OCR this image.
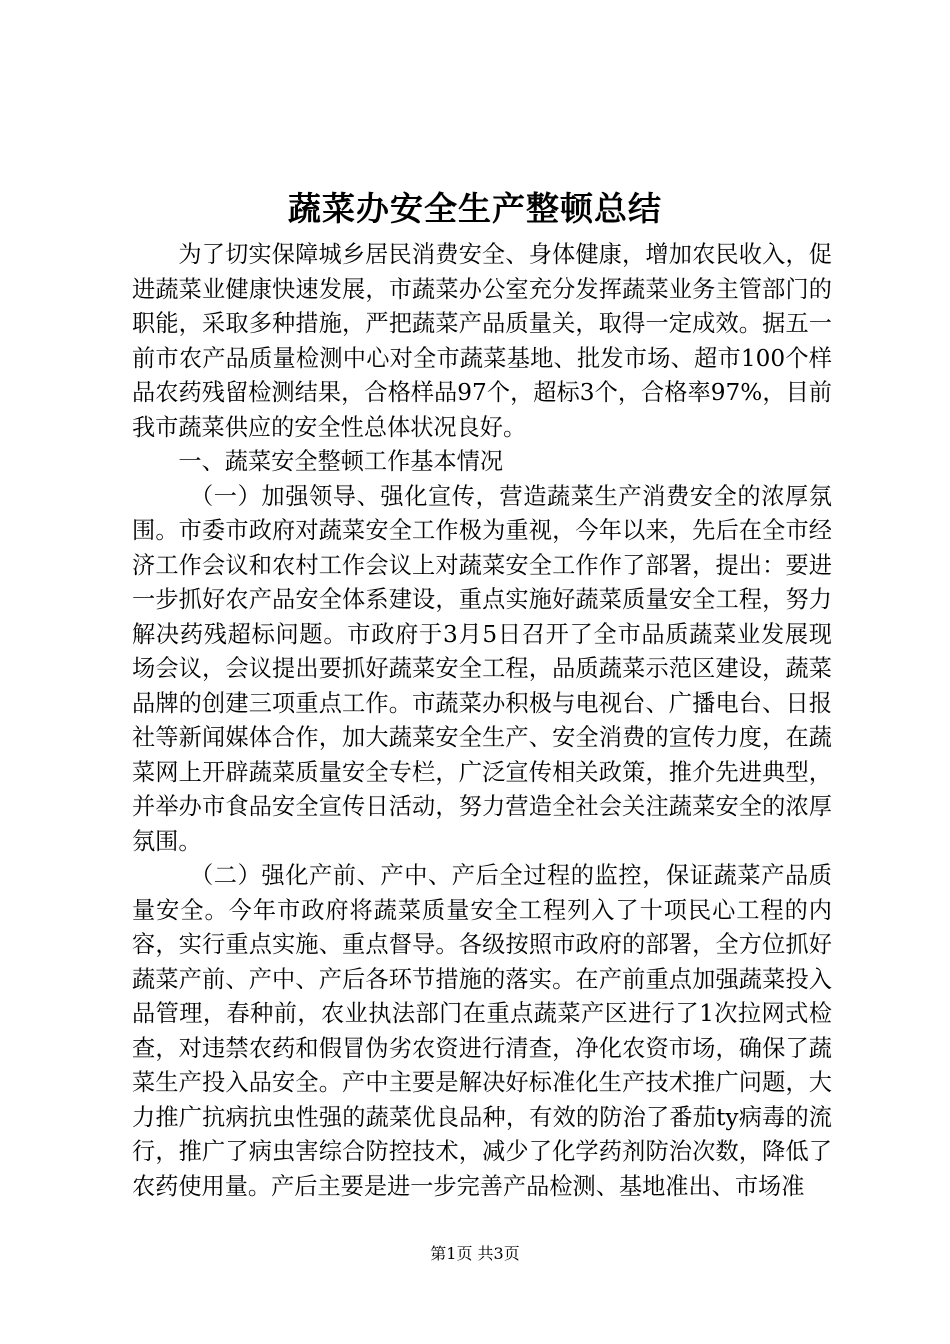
蔬菜办安全生产整顿总结

为了切实保障城乡居民消费安全、身体健康，增加农民收入，促进蔬菜业健康快速发展，市蔬菜办公室充分发挥蔬菜业务主管部门的职能，采取多种措施，严把蔬菜产品质量关，取得一定成效。据五一前市农产品质量检测中心对全市蔬菜基地、批发市场、超市100个样品农药残留检测结果，合格样品97个，超标3个，合格率97%，目前我市蔬菜供应的安全性总体状况良好。

一、蔬菜安全整顿工作基本情况

（一）加强领导、强化宣传，营造蔬菜生产消费安全的浓厚氛围。市委市政府对蔬菜安全工作极为重视，今年以来，先后在全市经济工作会议和农村工作会议上对蔬菜安全工作作了部署，提出：要进一步抓好农产品安全体系建设，重点实施好蔬菜质量安全工程，努力解决药残超标问题。市政府于3月5日召开了全市品质蔬菜业发展现场会议，会议提出要抓好蔬菜安全工程，品质蔬菜示范区建设，蔬菜品牌的创建三项重点工作。市蔬菜办积极与电视台、广播电台、日报社等新闻媒体合作，加大蔬菜安全生产、安全消费的宣传力度，在蔬菜网上开辟蔬菜质量安全专栏，广泛宣传相关政策，推介先进典型，并举办市食品安全宣传日活动，努力营造全社会关注蔬菜安全的浓厚氛围。

（二）强化产前、产中、产后全过程的监控，保证蔬菜产品质量安全。今年市政府将蔬菜质量安全工程列入了十项民心工程的内容，实行重点实施、重点督导。各级按照市政府的部署，全方位抓好蔬菜产前、产中、产后各环节措施的落实。在产前重点加强蔬菜投入品管理，春种前，农业执法部门在重点蔬菜产区进行了1次拉网式检查，对违禁农药和假冒伪劣农资进行清查，净化农资市场，确保了蔬菜生产投入品安全。产中主要是解决好标准化生产技术推广问题，大力推广抗病抗虫性强的蔬菜优良品种，有效的防治了番茄ty病毒的流行，推广了病虫害综合防控技术，减少了化学药剂防治次数，降低了农药使用量。产后主要是进一步完善产品检测、基地准出、市场准

第1页 共3页
